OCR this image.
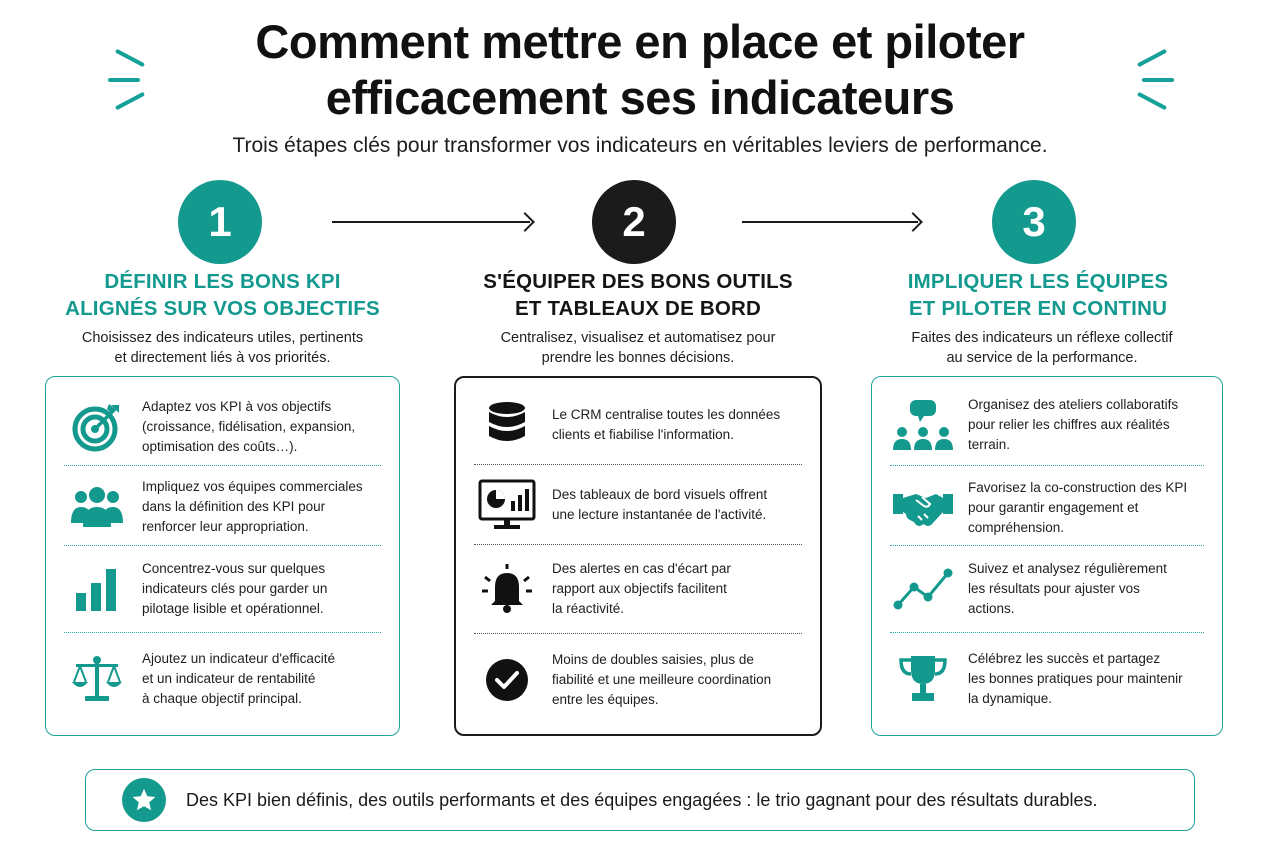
Comment mettre en place et piloter
efficacement ses indicateurs
Trois étapes clés pour transformer vos indicateurs en véritables leviers de performance.
1	2	3
DÉFINIR LES BONS KPI
ALIGNÉS SUR VOS OBJECTIFS
S'ÉQUIPER DES BONS OUTILS
ET TABLEAUX DE BORD
IMPLIQUER LES ÉQUIPES
ET PILOTER EN CONTINU
Choisissez des indicateurs utiles, pertinents
et directement liés à vos priorités.
Centralisez, visualisez et automatisez pour
prendre les bonnes décisions.
Faites des indicateurs un réflexe collectif
au service de la performance.
Adaptez vos KPI à vos objectifs
(croissance, fidélisation, expansion,
optimisation des coûts…).
Impliquez vos équipes commerciales
dans la définition des KPI pour
renforcer leur appropriation.
Concentrez-vous sur quelques
indicateurs clés pour garder un
pilotage lisible et opérationnel.
Ajoutez un indicateur d'efficacité
et un indicateur de rentabilité
à chaque objectif principal.
Le CRM centralise toutes les données
clients et fiabilise l'information.
Des tableaux de bord visuels offrent
une lecture instantanée de l'activité.
Des alertes en cas d'écart par
rapport aux objectifs facilitent
la réactivité.
Moins de doubles saisies, plus de
fiabilité et une meilleure coordination
entre les équipes.
Organisez des ateliers collaboratifs
pour relier les chiffres aux réalités
terrain.
Favorisez la co-construction des KPI
pour garantir engagement et
compréhension.
Suivez et analysez régulièrement
les résultats pour ajuster vos
actions.
Célébrez les succès et partagez
les bonnes pratiques pour maintenir
la dynamique.
Des KPI bien définis, des outils performants et des équipes engagées : le trio gagnant pour des résultats durables.
